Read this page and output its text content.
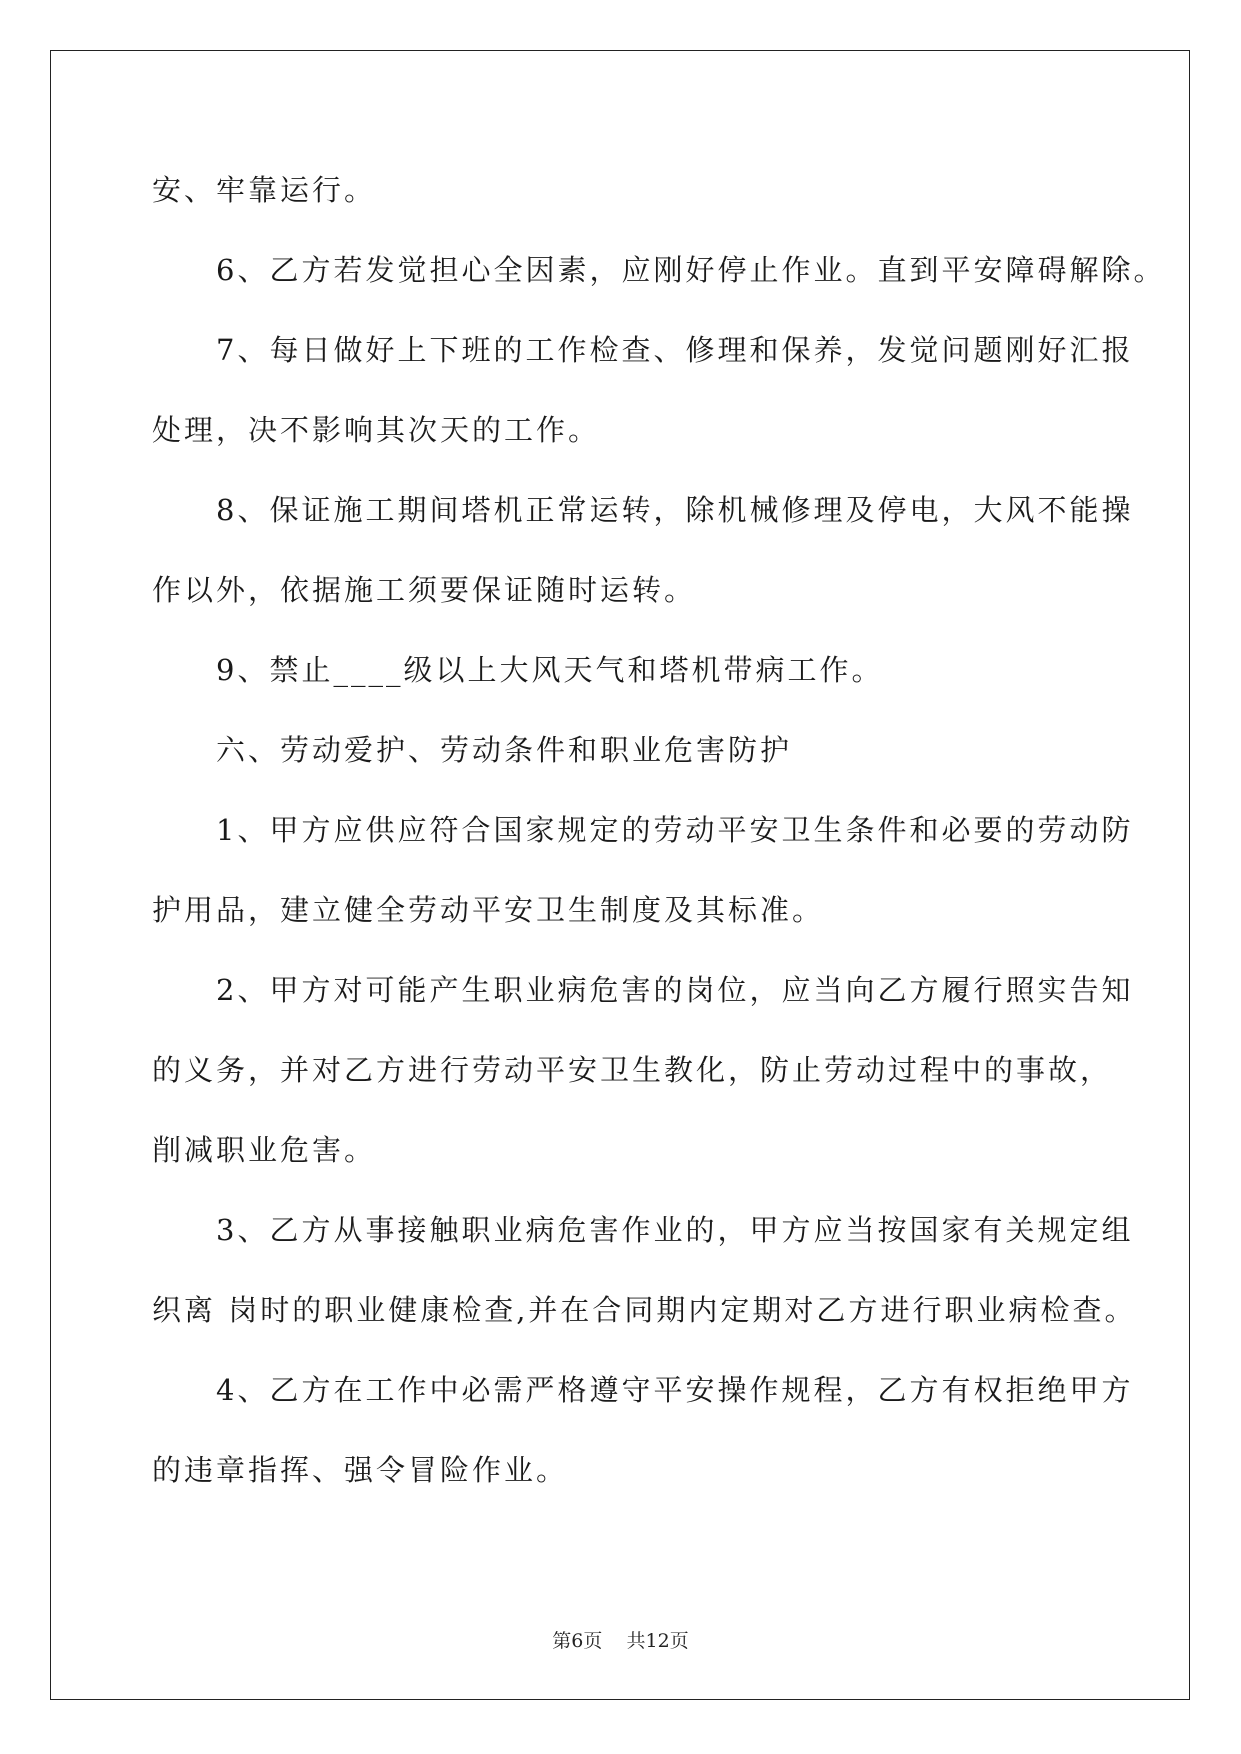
安、牢靠运行。
6、乙方若发觉担心全因素，应刚好停止作业。直到平安障碍解除。
7、每日做好上下班的工作检查、修理和保养，发觉问题刚好汇报
处理，决不影响其次天的工作。
8、保证施工期间塔机正常运转，除机械修理及停电，大风不能操
作以外，依据施工须要保证随时运转。
9、禁止____级以上大风天气和塔机带病工作。
六、劳动爱护、劳动条件和职业危害防护
1、甲方应供应符合国家规定的劳动平安卫生条件和必要的劳动防
护用品，建立健全劳动平安卫生制度及其标准。
2、甲方对可能产生职业病危害的岗位，应当向乙方履行照实告知
的义务，并对乙方进行劳动平安卫生教化，防止劳动过程中的事故，
削减职业危害。
3、乙方从事接触职业病危害作业的，甲方应当按国家有关规定组
织离 岗时的职业健康检查,并在合同期内定期对乙方进行职业病检查。
4、乙方在工作中必需严格遵守平安操作规程，乙方有权拒绝甲方
的违章指挥、强令冒险作业。
第6页    共12页
